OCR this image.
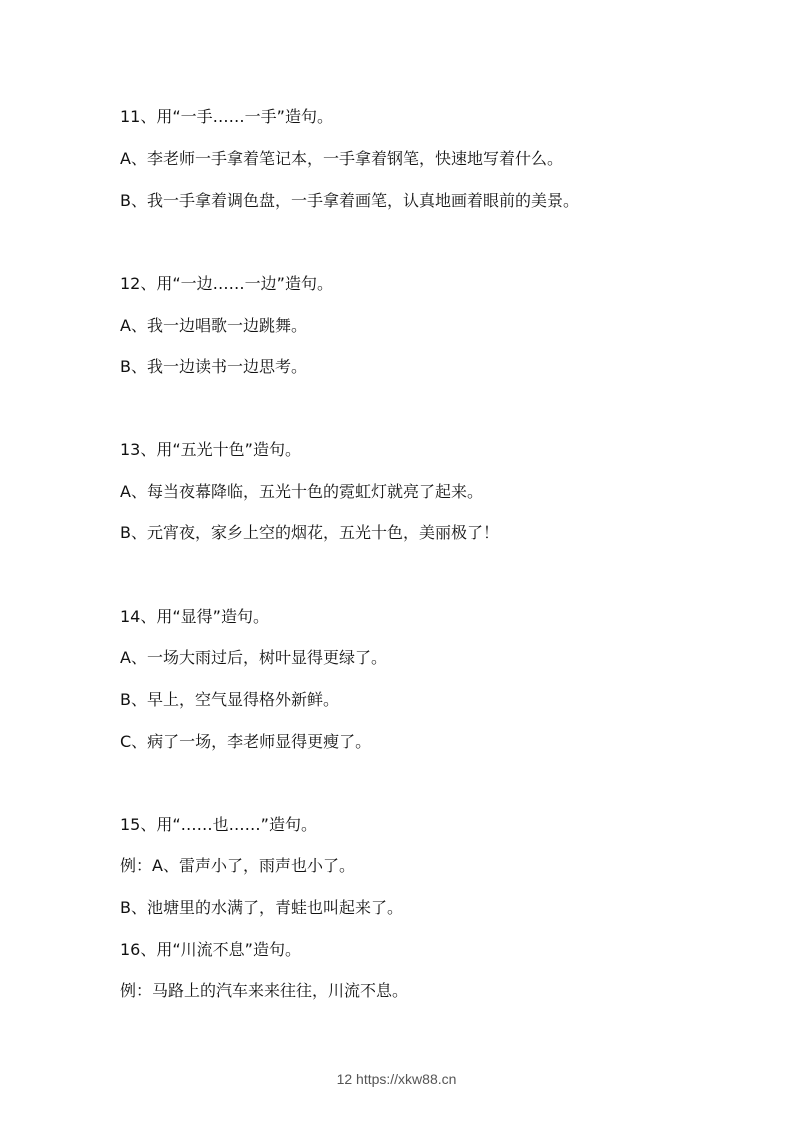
11、用“一手……一手”造句。
A、李老师一手拿着笔记本，一手拿着钢笔，快速地写着什么。
B、我一手拿着调色盘，一手拿着画笔，认真地画着眼前的美景。
12、用“一边……一边”造句。
A、我一边唱歌一边跳舞。
B、我一边读书一边思考。
13、用“五光十色”造句。
A、每当夜幕降临，五光十色的霓虹灯就亮了起来。
B、元宵夜，家乡上空的烟花，五光十色，美丽极了！
14、用“显得”造句。
A、一场大雨过后，树叶显得更绿了。
B、早上，空气显得格外新鲜。
C、病了一场，李老师显得更瘦了。
15、用“……也……”造句。
例：A、雷声小了，雨声也小了。
B、池塘里的水满了，青蛙也叫起来了。
16、用“川流不息”造句。
例：马路上的汽车来来往往，川流不息。
12 https://xkw88.cn
